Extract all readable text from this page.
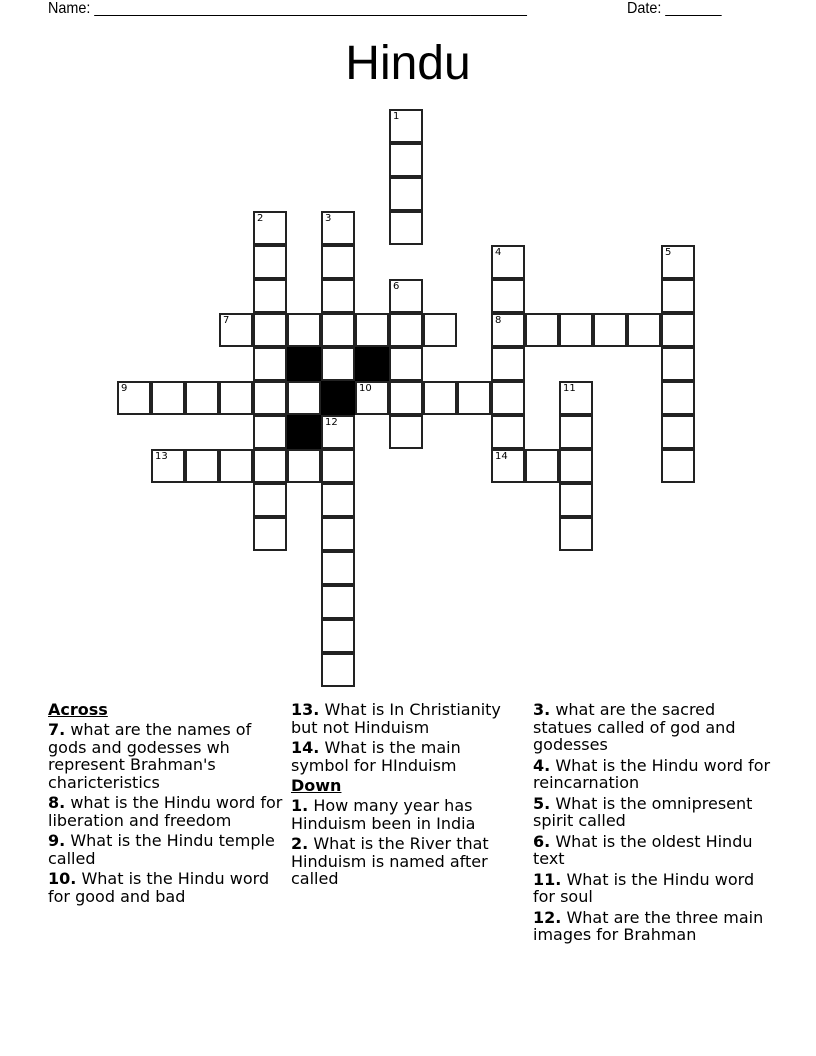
Name: ______________________________________________________	Date: _______
Hindu
1
2	3
4
8
14
5
6
7
9	10	11
12
13
Across
7. what are the names of gods and godesses wh represent Brahman's charicteristics
8. what is the Hindu word for liberation and freedom
9. What is the Hindu temple called
10. What is the Hindu word for good and bad
13. What is In Christianity but not Hinduism
14. What is the main symbol for HInduism
Down
1. How many year has Hinduism been in India
2. What is the River that Hinduism is named after called
3. what are the sacred statues called of god and godesses
4. What is the Hindu word for reincarnation
5. What is the omnipresent spirit called
6. What is the oldest Hindu text
11. What is the Hindu word for soul
12. What are the three main images for Brahman
